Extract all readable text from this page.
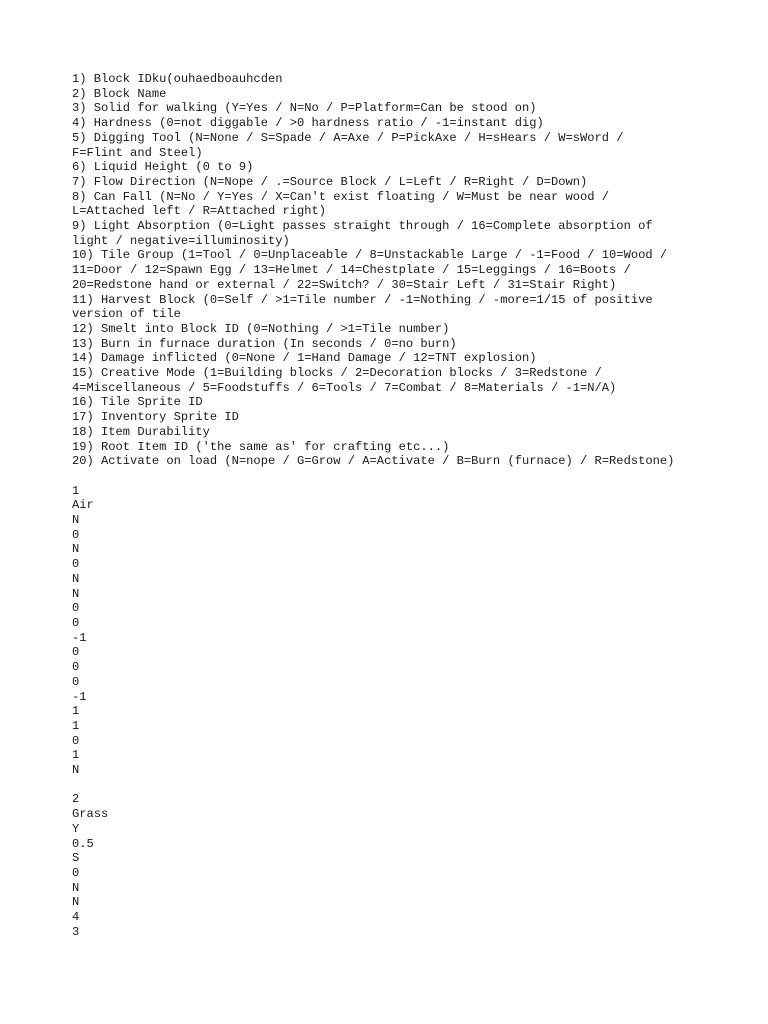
1) Block IDku(ouhaedboauhcden
2) Block Name
3) Solid for walking (Y=Yes / N=No / P=Platform=Can be stood on)
4) Hardness (0=not diggable / >0 hardness ratio / -1=instant dig)
5) Digging Tool (N=None / S=Spade / A=Axe / P=PickAxe / H=sHears / W=sWord /
F=Flint and Steel)
6) Liquid Height (0 to 9)
7) Flow Direction (N=Nope / .=Source Block / L=Left / R=Right / D=Down)
8) Can Fall (N=No / Y=Yes / X=Can't exist floating / W=Must be near wood /
L=Attached left / R=Attached right)
9) Light Absorption (0=Light passes straight through / 16=Complete absorption of
light / negative=illuminosity)
10) Tile Group (1=Tool / 0=Unplaceable / 8=Unstackable Large / -1=Food / 10=Wood /
11=Door / 12=Spawn Egg / 13=Helmet / 14=Chestplate / 15=Leggings / 16=Boots /
20=Redstone hand or external / 22=Switch? / 30=Stair Left / 31=Stair Right)
11) Harvest Block (0=Self / >1=Tile number / -1=Nothing / -more=1/15 of positive
version of tile
12) Smelt into Block ID (0=Nothing / >1=Tile number)
13) Burn in furnace duration (In seconds / 0=no burn)
14) Damage inflicted (0=None / 1=Hand Damage / 12=TNT explosion)
15) Creative Mode (1=Building blocks / 2=Decoration blocks / 3=Redstone /
4=Miscellaneous / 5=Foodstuffs / 6=Tools / 7=Combat / 8=Materials / -1=N/A)
16) Tile Sprite ID
17) Inventory Sprite ID
18) Item Durability
19) Root Item ID ('the same as' for crafting etc...)
20) Activate on load (N=nope / G=Grow / A=Activate / B=Burn (furnace) / R=Redstone)
1
Air
N
0
N
0
N
N
0
0
-1
0
0
0
-1
1
1
0
1
N
2
Grass
Y
0.5
S
0
N
N
4
3
